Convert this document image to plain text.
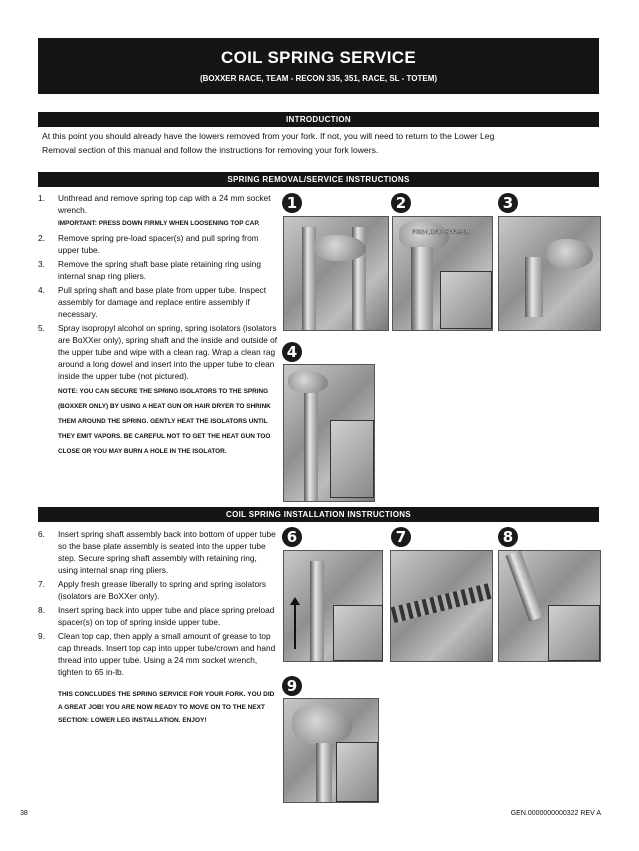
COIL SPRING SERVICE
(BOXXER RACE, TEAM - RECON 335, 351, RACE, SL - TOTEM)
INTRODUCTION
At this point you should already have the lowers removed from your fork. If not, you will need to return to the Lower Leg
Removal section of this manual and follow the instructions for removing your fork lowers.
SPRING REMOVAL/SERVICE INSTRUCTIONS
1. Unthread and remove spring top cap with a 24 mm socket wrench.
IMPORTANT: PRESS DOWN FIRMLY WHEN LOOSENING TOP CAP.
2. Remove spring pre-load spacer(s) and pull spring from upper tube.
3. Remove the spring shaft base plate retaining ring using internal snap ring pliers.
4. Pull spring shaft and base plate from upper tube. Inspect assembly for damage and replace entire assembly if necessary.
5. Spray isopropyl alcohol on spring, spring isolators (isolators are BoXXer only), spring shaft and the inside and outside of the upper tube and wipe with a clean rag. Wrap a clean rag around a long dowel and insert into the upper tube to clean inside the upper tube (not pictured).
NOTE: YOU CAN SECURE THE SPRING ISOLATORS TO THE SPRING (BOXXER ONLY) BY USING A HEAT GUN OR HAIR DRYER TO SHRINK THEM AROUND THE SPRING. GENTLY HEAT THE ISOLATORS UNTIL THEY EMIT VAPORS. BE CAREFUL NOT TO GET THE HEAT GUN TOO CLOSE OR YOU MAY BURN A HOLE IN THE ISOLATOR.
1	2
PRE-LOAD SPACER
3
4
COIL SPRING INSTALLATION INSTRUCTIONS
6. Insert spring shaft assembly back into bottom of upper tube so the base plate assembly is seated into the upper tube step. Secure spring shaft assembly with retaining ring, using internal snap ring pliers.
7. Apply fresh grease liberally to spring and spring isolators (isolators are BoXXer only).
8. Insert spring back into upper tube and place spring preload spacer(s) on top of spring inside upper tube.
9. Clean top cap, then apply a small amount of grease to top cap threads. Insert top cap into upper tube/crown and hand thread into upper tube. Using a 24 mm socket wrench, tighten to 65 in-lb.
THIS CONCLUDES THE SPRING SERVICE FOR YOUR FORK. YOU DID A GREAT JOB! YOU ARE NOW READY TO MOVE ON TO THE NEXT SECTION: LOWER LEG INSTALLATION. ENJOY!
6	7	8
9
38	GEN.0000000000322 REV A
